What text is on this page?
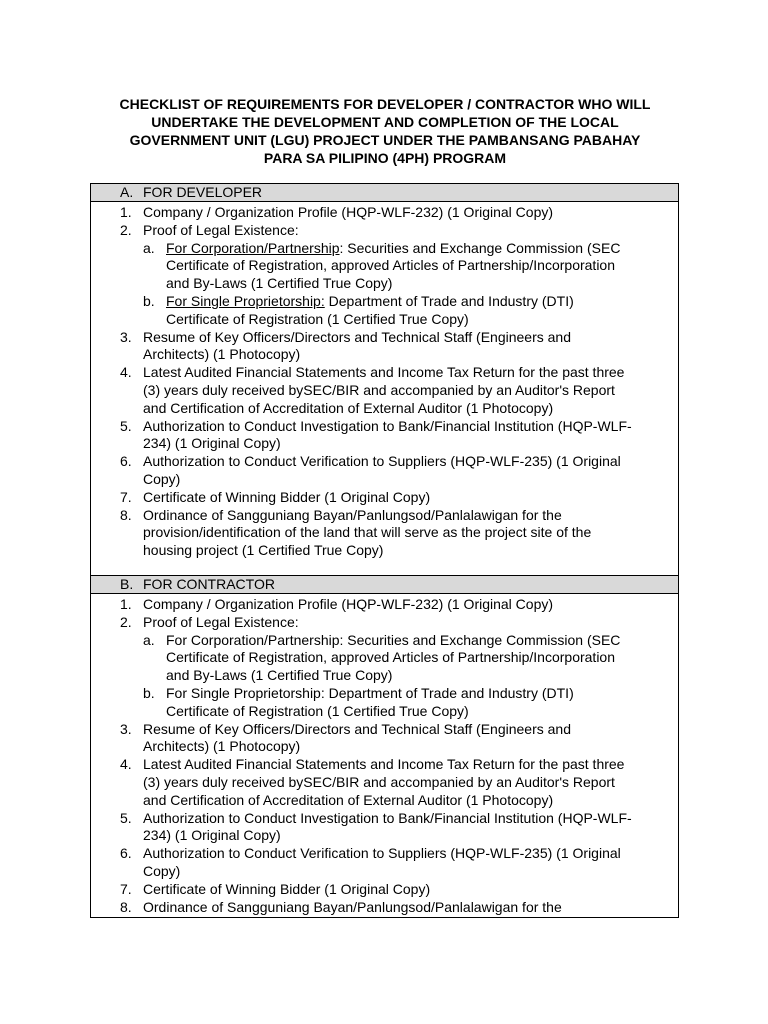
CHECKLIST OF REQUIREMENTS FOR DEVELOPER / CONTRACTOR WHO WILL
UNDERTAKE THE DEVELOPMENT AND COMPLETION OF THE LOCAL
GOVERNMENT UNIT (LGU) PROJECT UNDER THE PAMBANSANG PABAHAY
PARA SA PILIPINO (4PH) PROGRAM
A. FOR DEVELOPER
1. Company / Organization Profile (HQP-WLF-232) (1 Original Copy)
2. Proof of Legal Existence:
a. For Corporation/Partnership: Securities and Exchange Commission (SEC
Certificate of Registration, approved Articles of Partnership/Incorporation
and By-Laws (1 Certified True Copy)
b. For Single Proprietorship: Department of Trade and Industry (DTI)
Certificate of Registration (1 Certified True Copy)
3. Resume of Key Officers/Directors and Technical Staff (Engineers and
Architects) (1 Photocopy)
4. Latest Audited Financial Statements and Income Tax Return for the past three
(3) years duly received bySEC/BIR and accompanied by an Auditor's Report
and Certification of Accreditation of External Auditor (1 Photocopy)
5. Authorization to Conduct Investigation to Bank/Financial Institution (HQP-WLF-
234) (1 Original Copy)
6. Authorization to Conduct Verification to Suppliers (HQP-WLF-235) (1 Original
Copy)
7. Certificate of Winning Bidder (1 Original Copy)
8. Ordinance of Sangguniang Bayan/Panlungsod/Panlalawigan for the
provision/identification of the land that will serve as the project site of the
housing project (1 Certified True Copy)
B. FOR CONTRACTOR
1. Company / Organization Profile (HQP-WLF-232) (1 Original Copy)
2. Proof of Legal Existence:
a. For Corporation/Partnership: Securities and Exchange Commission (SEC
Certificate of Registration, approved Articles of Partnership/Incorporation
and By-Laws (1 Certified True Copy)
b. For Single Proprietorship: Department of Trade and Industry (DTI)
Certificate of Registration (1 Certified True Copy)
3. Resume of Key Officers/Directors and Technical Staff (Engineers and
Architects) (1 Photocopy)
4. Latest Audited Financial Statements and Income Tax Return for the past three
(3) years duly received bySEC/BIR and accompanied by an Auditor's Report
and Certification of Accreditation of External Auditor (1 Photocopy)
5. Authorization to Conduct Investigation to Bank/Financial Institution (HQP-WLF-
234) (1 Original Copy)
6. Authorization to Conduct Verification to Suppliers (HQP-WLF-235) (1 Original
Copy)
7. Certificate of Winning Bidder (1 Original Copy)
8. Ordinance of Sangguniang Bayan/Panlungsod/Panlalawigan for the
